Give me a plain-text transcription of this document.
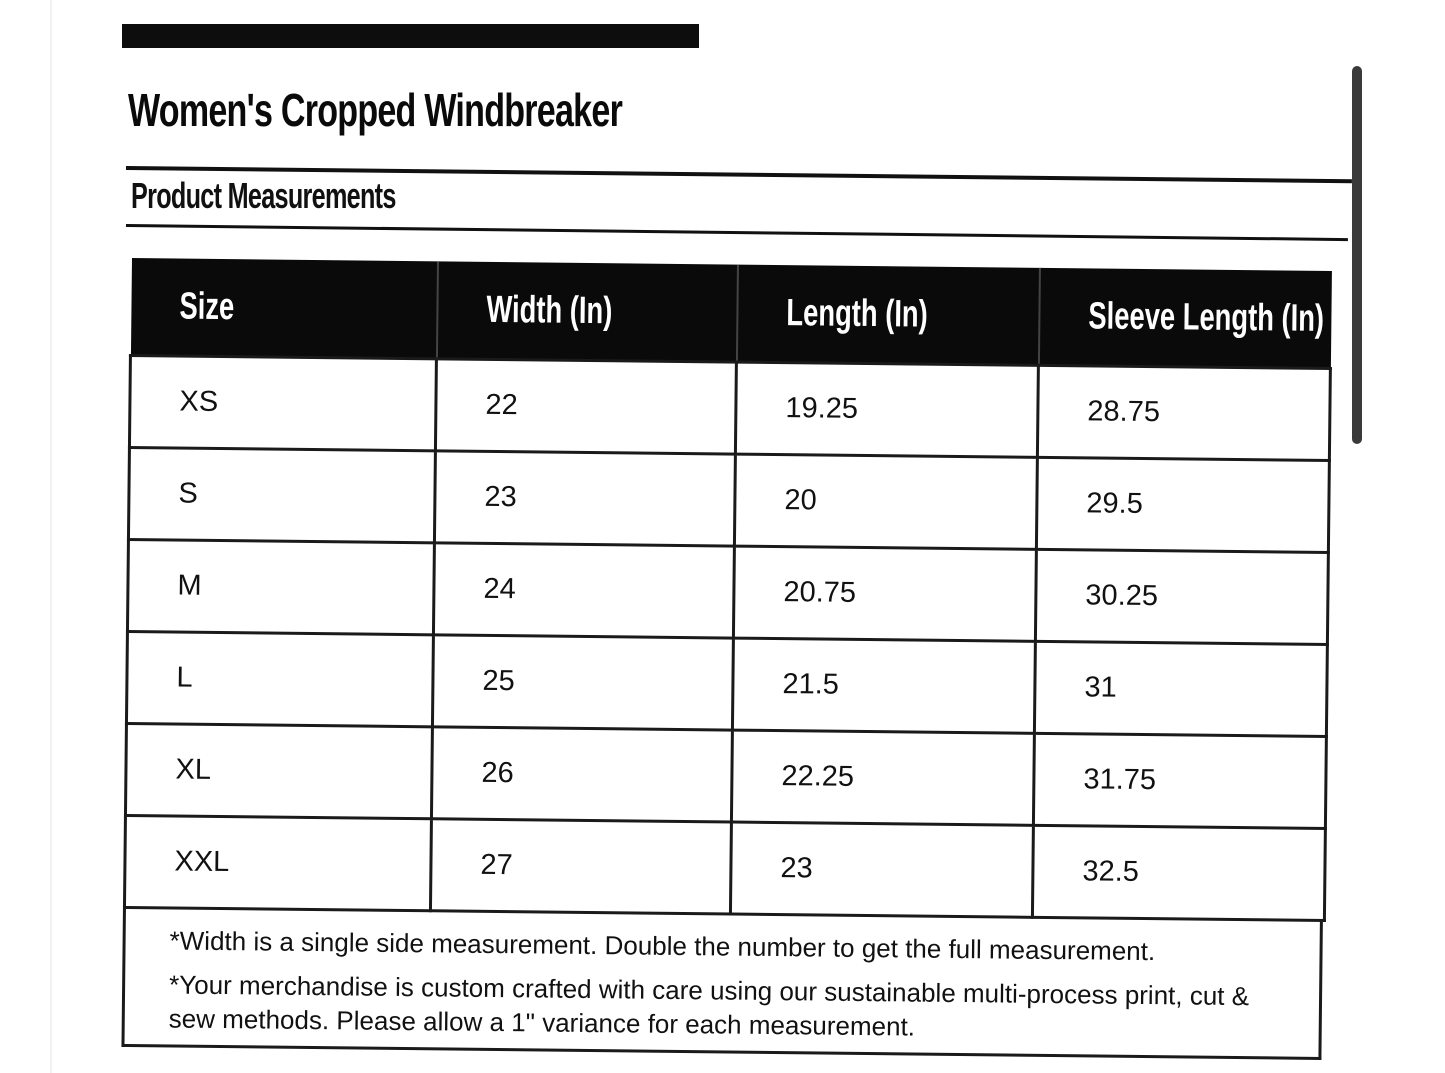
Women's Cropped Windbreaker
Product Measurements
Size	Width (In)	Length (In)	Sleeve Length (In)
XS	22	19.25	28.75
S	23	20	29.5
M	24	20.75	30.25
L	25	21.5	31
XL	26	22.25	31.75
XXL	27	23	32.5

*Width is a single side measurement. Double the number to get the full measurement.

*Your merchandise is custom crafted with care using our sustainable multi-process print, cut & sew methods. Please allow a 1" variance for each measurement.
